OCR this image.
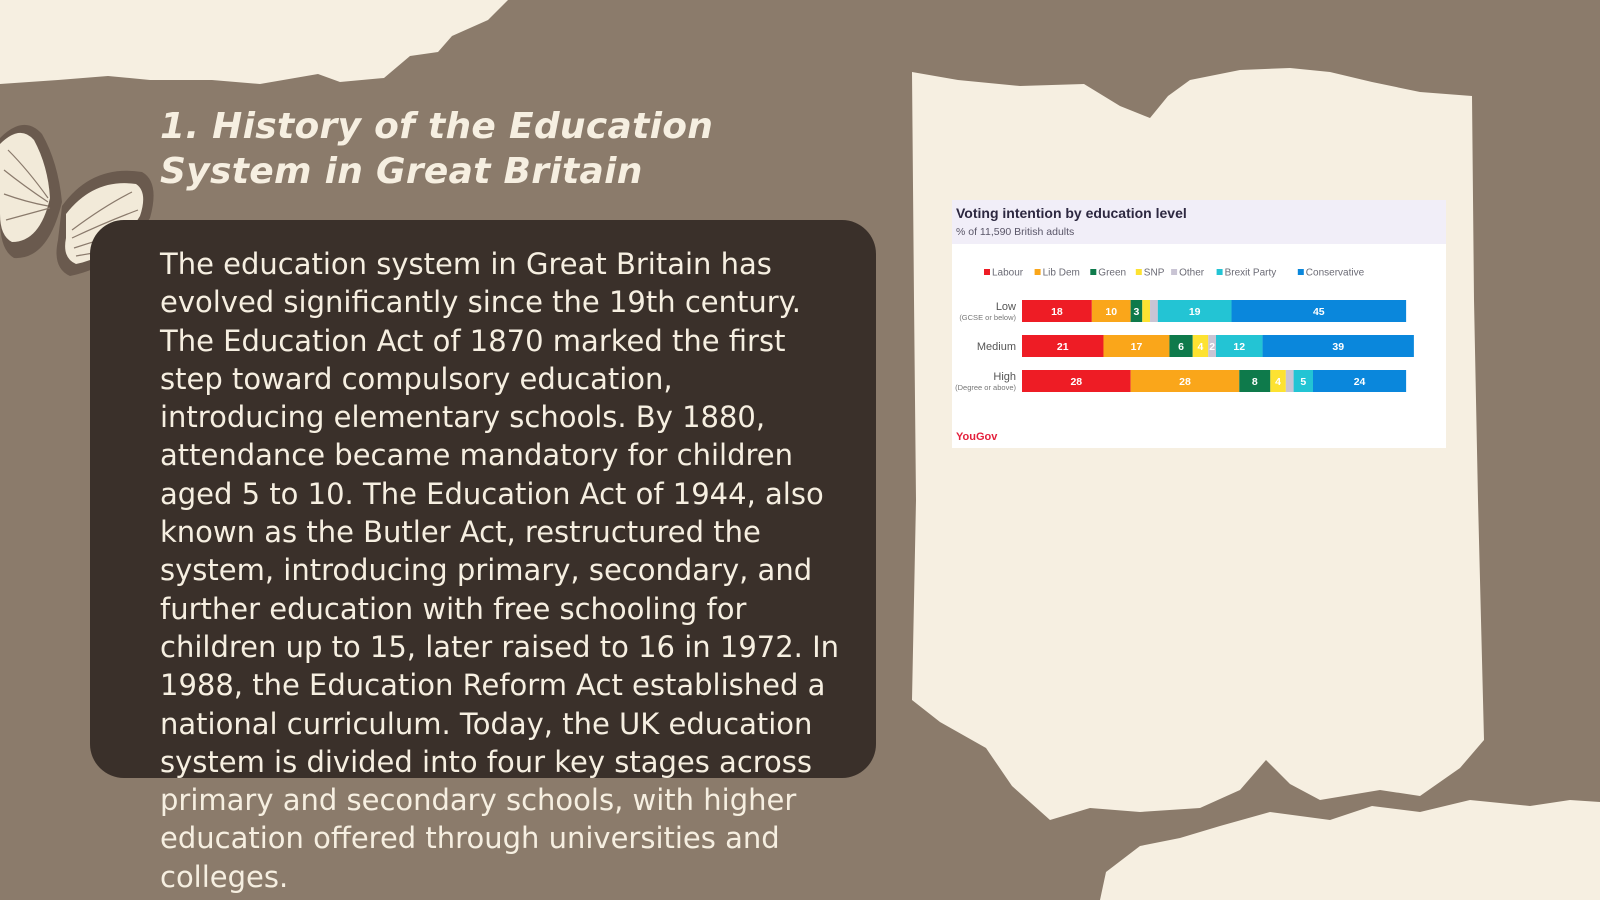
1. History of the Education System in Great Britain

The education system in Great Britain has evolved significantly since the 19th century. The Education Act of 1870 marked the first step toward compulsory education, introducing elementary schools. By 1880, attendance became mandatory for children aged 5 to 10. The Education Act of 1944, also known as the Butler Act, restructured the system, introducing primary, secondary, and further education with free schooling for children up to 15, later raised to 16 in 1972. In 1988, the Education Reform Act established a national curriculum. Today, the UK education system is divided into four key stages across primary and secondary schools, with higher education offered through universities and colleges.

Voting intention by education level
% of 11,590 British adults
Labour Lib Dem Green SNP Other Brexit Party	Conservative
Low
(GCSE or below)	18	10 3	19	45
Medium	21	17	6 4 2 12	39
High
(Degree or above)	28	28	8 4 5	24
YouGov
